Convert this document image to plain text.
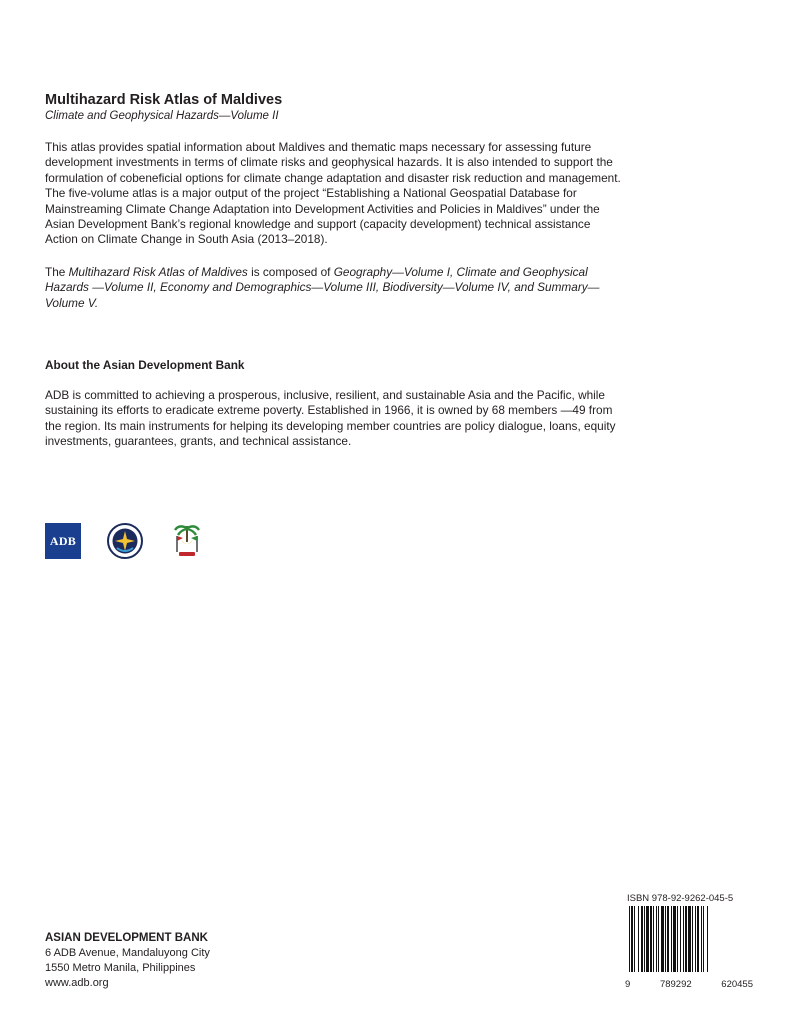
Multihazard Risk Atlas of Maldives
Climate and Geophysical Hazards—Volume II

This atlas provides spatial information about Maldives and thematic maps necessary for assessing future development investments in terms of climate risks and geophysical hazards. It is also intended to support the formulation of cobeneficial options for climate change adaptation and disaster risk reduction and management. The five-volume atlas is a major output of the project “Establishing a National Geospatial Database for Mainstreaming Climate Change Adaptation into Development Activities and Policies in Maldives” under the Asian Development Bank’s regional knowledge and support (capacity development) technical assistance Action on Climate Change in South Asia (2013–2018).

The Multihazard Risk Atlas of Maldives is composed of Geography—Volume I, Climate and Geophysical Hazards —Volume II, Economy and Demographics—Volume III, Biodiversity—Volume IV, and Summary—Volume V.

About the Asian Development Bank

ADB is committed to achieving a prosperous, inclusive, resilient, and sustainable Asia and the Pacific, while sustaining its efforts to eradicate extreme poverty. Established in 1966, it is owned by 68 members —49 from the region. Its main instruments for helping its developing member countries are policy dialogue, loans, equity investments, guarantees, grants, and technical assistance.

ADB
ASIAN DEVELOPMENT BANK
6 ADB Avenue, Mandaluyong City
1550 Metro Manila, Philippines
www.adb.org
ISBN 978-92-9262-045-5
9	789292	620455
